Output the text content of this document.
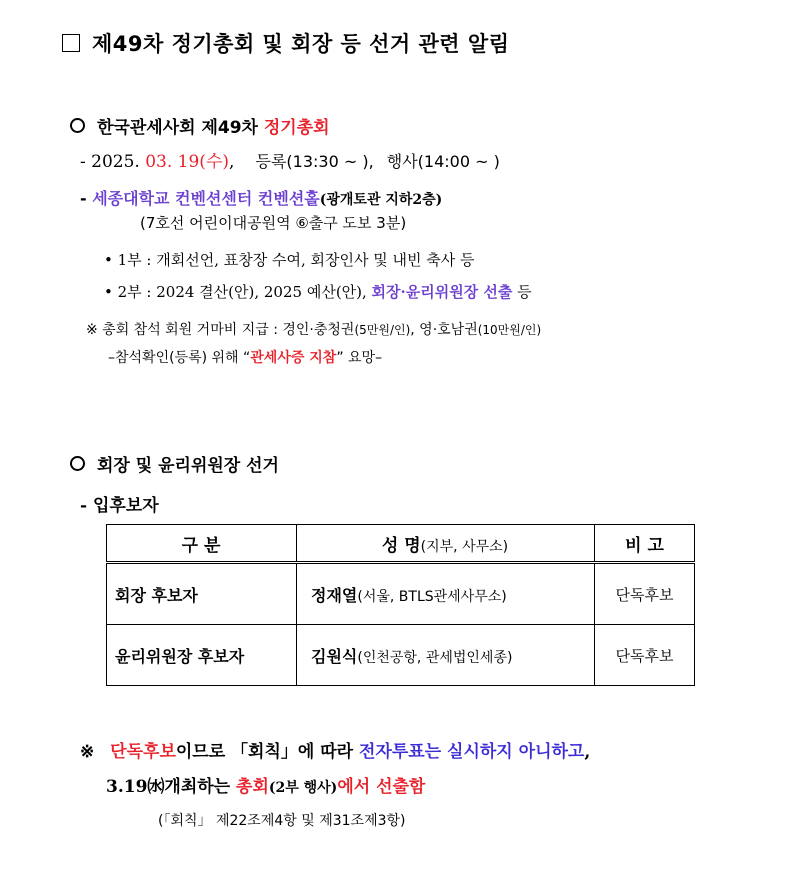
제49차 정기총회 및 회장 등 선거 관련 알림
한국관세사회 제49차 정기총회
- 2025. 03. 19(수), 등록(13:30 ~ ), 행사(14:00 ~ )
- 세종대학교 컨벤션센터 컨벤션홀(광개토관 지하2층)
(7호선 어린이대공원역 ⑥출구 도보 3분)
• 1부 : 개회선언, 표창장 수여, 회장인사 및 내빈 축사 등
• 2부 : 2024 결산(안), 2025 예산(안), 회장·윤리위원장 선출 등
※ 총회 참석 회원 거마비 지급 : 경인·충청권(5만원/인), 영·호남권(10만원/인)
–참석확인(등록) 위해 “관세사증 지참” 요망–
회장 및 윤리위원장 선거
- 입후보자
구 분	성 명(지부, 사무소)	비 고
회장 후보자	정재열(서울, BTLS관세사무소)	단독후보
윤리위원장 후보자	김원식(인천공항, 관세법인세종)	단독후보
※ 단독후보이므로 「회칙」에 따라 전자투표는 실시하지 아니하고,
3.19㈬개최하는 총회(2부 행사)에서 선출함
(「회칙」 제22조제4항 및 제31조제3항)
